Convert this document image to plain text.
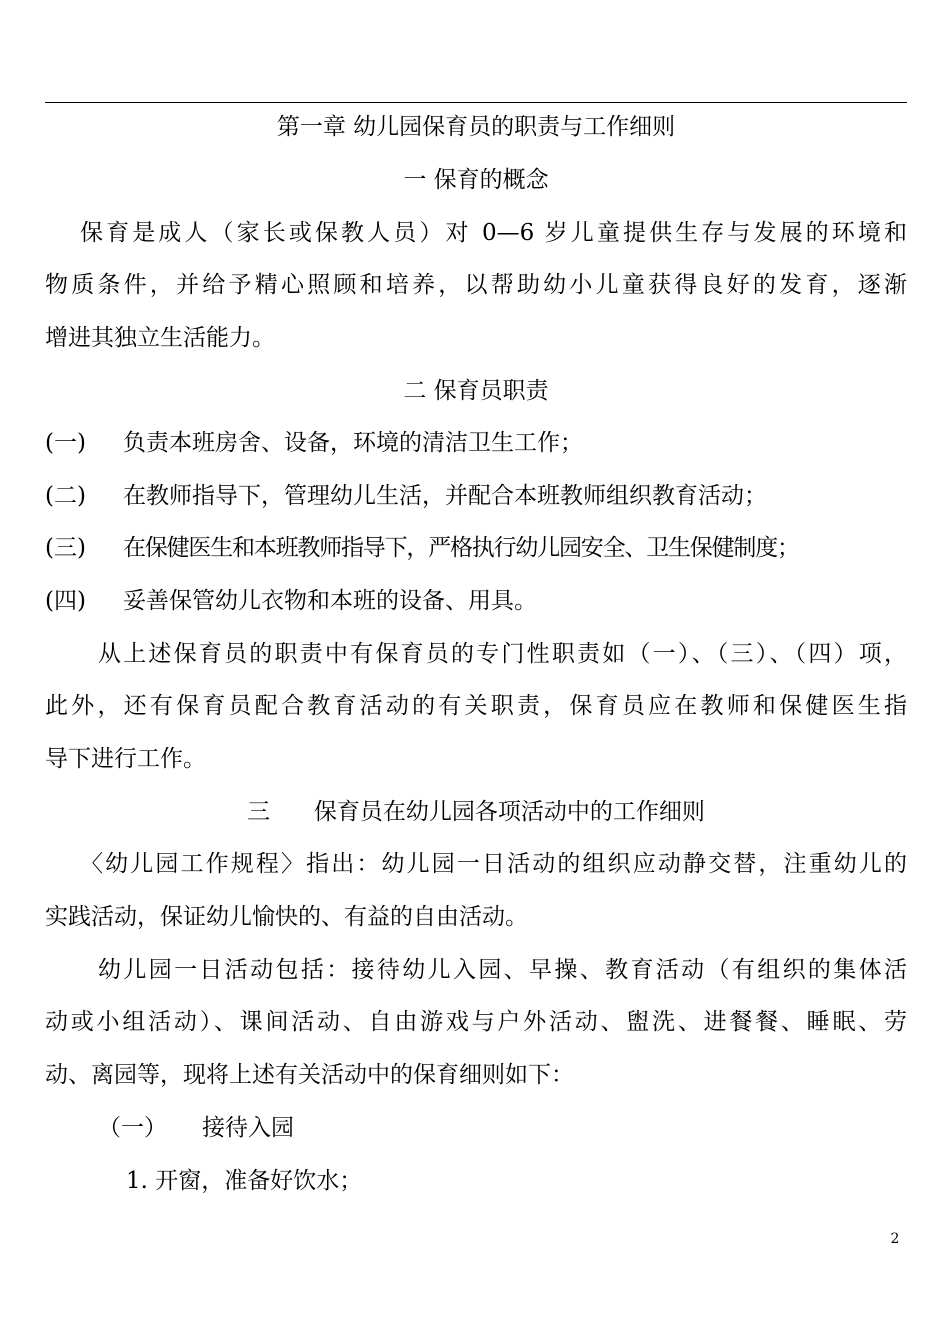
第一章 幼儿园保育员的职责与工作细则
一 保育的概念
保育是成人（家长或保教人员）对 0—6 岁儿童提供生存与发展的环境和
物质条件，并给予精心照顾和培养，以帮助幼小儿童获得良好的发育，逐渐
增进其独立生活能力。
二 保育员职责
(一) 负责本班房舍、设备，环境的清洁卫生工作；
(二) 在教师指导下，管理幼儿生活，并配合本班教师组织教育活动；
(三) 在保健医生和本班教师指导下，严格执行幼儿园安全、卫生保健制度；
(四) 妥善保管幼儿衣物和本班的设备、用具。
从上述保育员的职责中有保育员的专门性职责如（一）、（三）、（四）项，
此外，还有保育员配合教育活动的有关职责，保育员应在教师和保健医生指
导下进行工作。
三      保育员在幼儿园各项活动中的工作细则
〈幼儿园工作规程〉指出：幼儿园一日活动的组织应动静交替，注重幼儿的
实践活动，保证幼儿愉快的、有益的自由活动。
幼儿园一日活动包括：接待幼儿入园、早操、教育活动（有组织的集体活
动或小组活动）、课间活动、自由游戏与户外活动、盥洗、进餐餐、睡眠、劳
动、离园等，现将上述有关活动中的保育细则如下：
（一） 接待入园
1. 开窗，准备好饮水；
2
